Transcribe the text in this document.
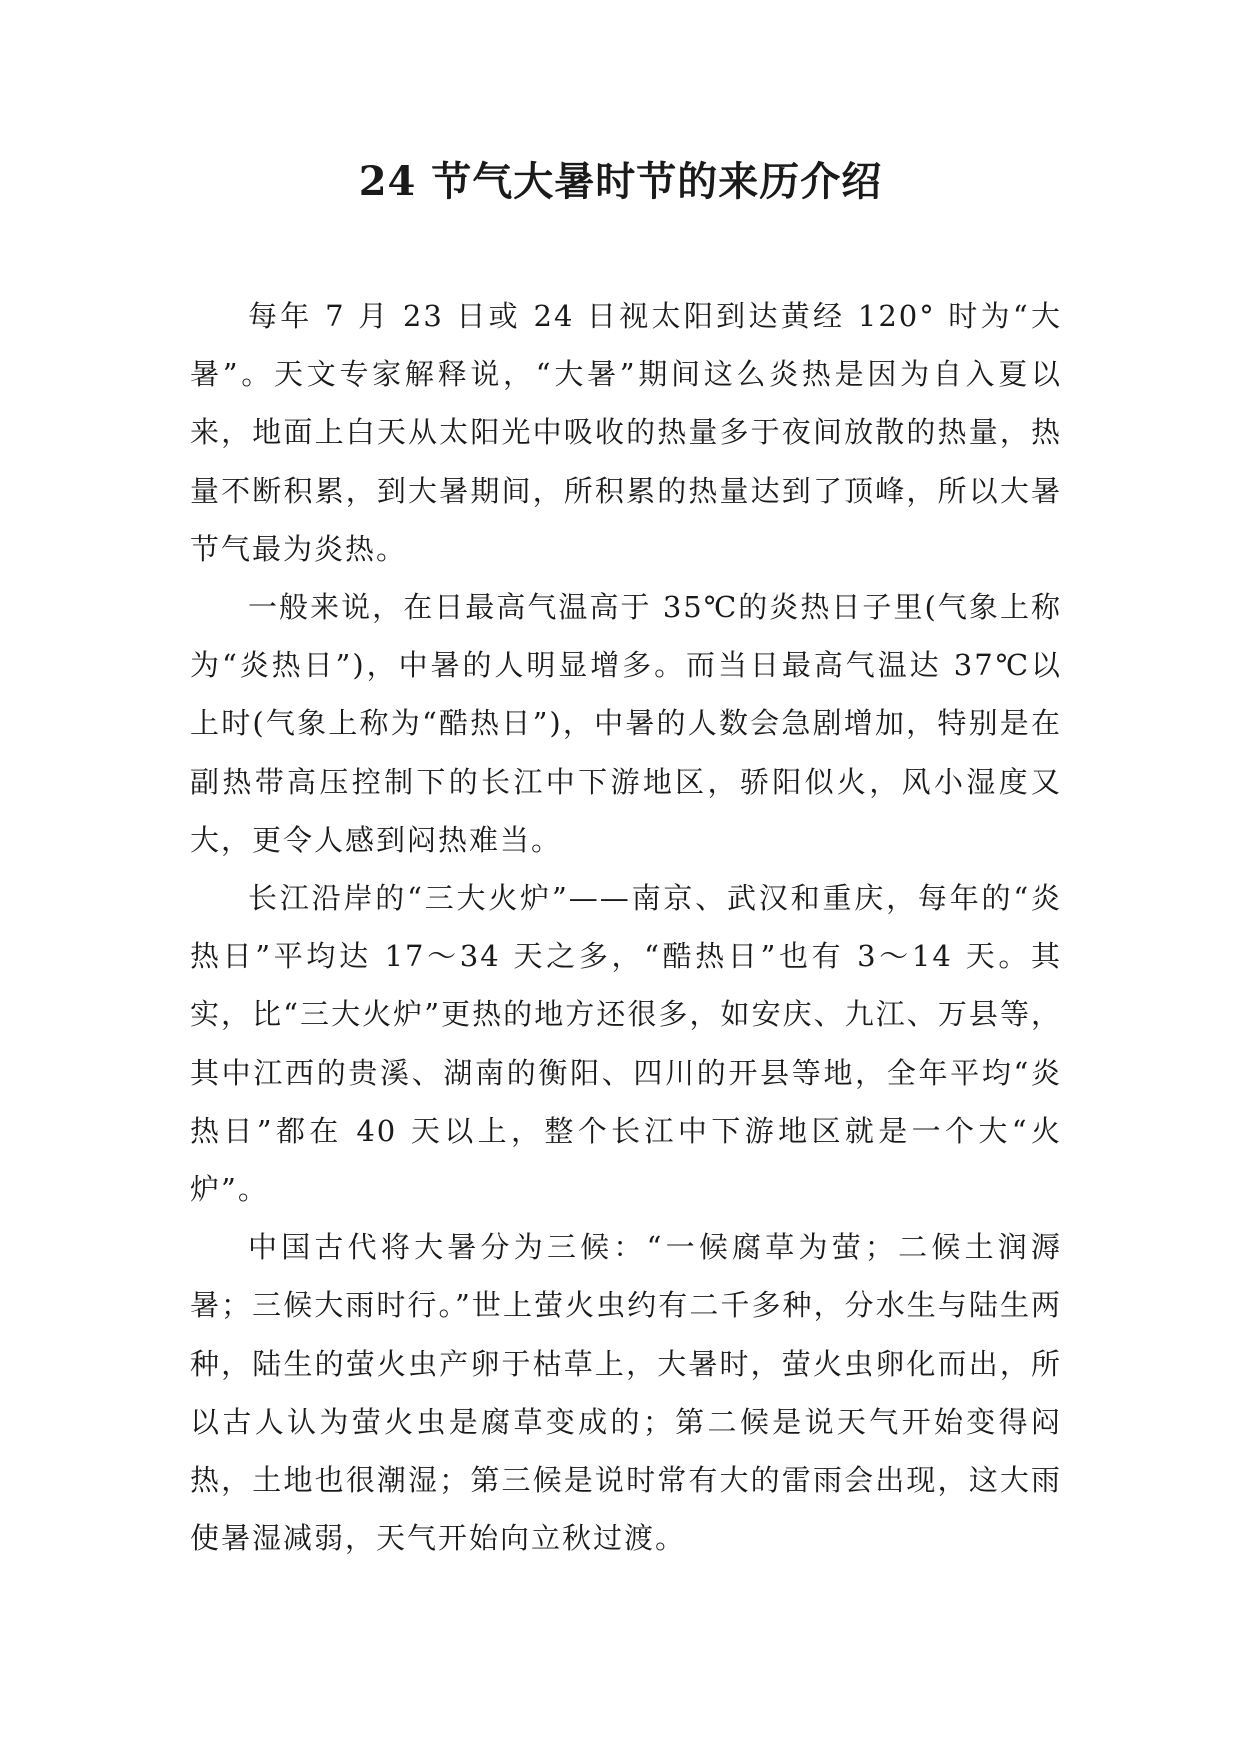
24 节气大暑时节的来历介绍

每年 7 月 23 日或 24 日视太阳到达黄经 120° 时为“大暑”。天文专家解释说，“大暑”期间这么炎热是因为自入夏以来，地面上白天从太阳光中吸收的热量多于夜间放散的热量，热量不断积累，到大暑期间，所积累的热量达到了顶峰，所以大暑节气最为炎热。

一般来说，在日最高气温高于 35℃的炎热日子里(气象上称为“炎热日”)，中暑的人明显增多。而当日最高气温达 37℃以上时(气象上称为“酷热日”)，中暑的人数会急剧增加，特别是在副热带高压控制下的长江中下游地区，骄阳似火，风小湿度又大，更令人感到闷热难当。

长江沿岸的“三大火炉”——南京、武汉和重庆，每年的“炎热日”平均达 17～34 天之多，“酷热日”也有 3～14 天。其实，比“三大火炉”更热的地方还很多，如安庆、九江、万县等，其中江西的贵溪、湖南的衡阳、四川的开县等地，全年平均“炎热日”都在 40 天以上，整个长江中下游地区就是一个大“火炉”。

中国古代将大暑分为三候：“一候腐草为萤；二候土润溽暑；三候大雨时行。”世上萤火虫约有二千多种，分水生与陆生两种，陆生的萤火虫产卵于枯草上，大暑时，萤火虫卵化而出，所以古人认为萤火虫是腐草变成的；第二候是说天气开始变得闷热，土地也很潮湿；第三候是说时常有大的雷雨会出现，这大雨使暑湿减弱，天气开始向立秋过渡。
